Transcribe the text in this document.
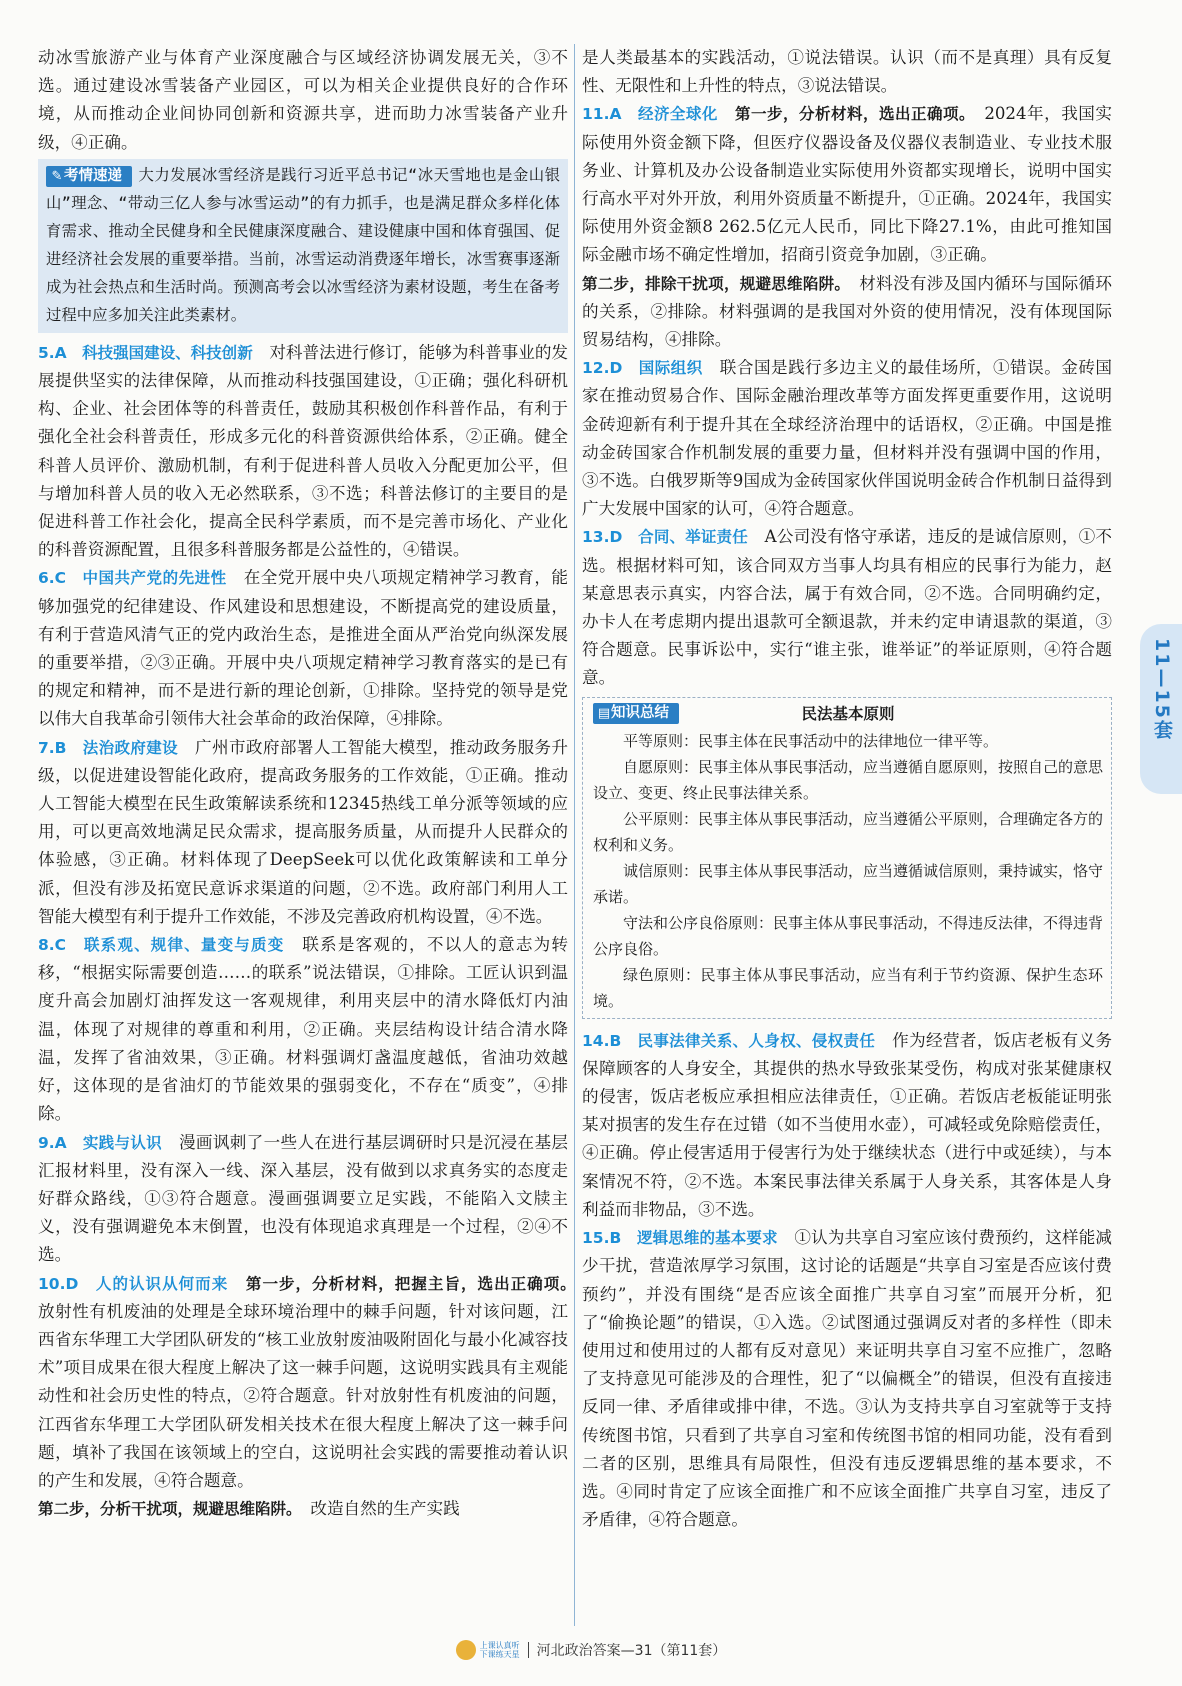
动冰雪旅游产业与体育产业深度融合与区域经济协调发展无关，③不选。通过建设冰雪装备产业园区，可以为相关企业提供良好的合作环境，从而推动企业间协同创新和资源共享，进而助力冰雪装备产业升级，④正确。

✎ 考情速递 大力发展冰雪经济是践行习近平总书记“冰天雪地也是金山银山”理念、“带动三亿人参与冰雪运动”的有力抓手，也是满足群众多样化体育需求、推动全民健身和全民健康深度融合、建设健康中国和体育强国、促进经济社会发展的重要举措。当前，冰雪运动消费逐年增长，冰雪赛事逐渐成为社会热点和生活时尚。预测高考会以冰雪经济为素材设题，考生在备考过程中应多加关注此类素材。

5.A　科技强国建设、科技创新　 对科普法进行修订，能够为科普事业的发展提供坚实的法律保障，从而推动科技强国建设，①正确；强化科研机构、企业、社会团体等的科普责任，鼓励其积极创作科普作品，有利于强化全社会科普责任，形成多元化的科普资源供给体系，②正确。健全科普人员评价、激励机制，有利于促进科普人员收入分配更加公平，但与增加科普人员的收入无必然联系，③不选；科普法修订的主要目的是促进科普工作社会化，提高全民科学素质，而不是完善市场化、产业化的科普资源配置，且很多科普服务都是公益性的，④错误。

6.C　中国共产党的先进性　 在全党开展中央八项规定精神学习教育，能够加强党的纪律建设、作风建设和思想建设，不断提高党的建设质量，有利于营造风清气正的党内政治生态，是推进全面从严治党向纵深发展的重要举措，②③正确。开展中央八项规定精神学习教育落实的是已有的规定和精神，而不是进行新的理论创新，①排除。坚持党的领导是党以伟大自我革命引领伟大社会革命的政治保障，④排除。

7.B　法治政府建设　 广州市政府部署人工智能大模型，推动政务服务升级，以促进建设智能化政府，提高政务服务的工作效能，①正确。推动人工智能大模型在民生政策解读系统和12345热线工单分派等领域的应用，可以更高效地满足民众需求，提高服务质量，从而提升人民群众的体验感，③正确。材料体现了DeepSeek可以优化政策解读和工单分派，但没有涉及拓宽民意诉求渠道的问题，②不选。政府部门利用人工智能大模型有利于提升工作效能，不涉及完善政府机构设置，④不选。

8.C　联系观、规律、量变与质变　 联系是客观的，不以人的意志为转移，“根据实际需要创造……的联系”说法错误，①排除。工匠认识到温度升高会加剧灯油挥发这一客观规律，利用夹层中的清水降低灯内油温，体现了对规律的尊重和利用，②正确。夹层结构设计结合清水降温，发挥了省油效果，③正确。材料强调灯盏温度越低，省油功效越好，这体现的是省油灯的节能效果的强弱变化，不存在“质变”，④排除。

9.A　实践与认识　 漫画讽刺了一些人在进行基层调研时只是沉浸在基层汇报材料里，没有深入一线、深入基层，没有做到以求真务实的态度走好群众路线，①③符合题意。漫画强调要立足实践，不能陷入文牍主义，没有强调避免本末倒置，也没有体现追求真理是一个过程，②④不选。

10.D　人的认识从何而来　 第一步，分析材料，把握主旨，选出正确项。　放射性有机废油的处理是全球环境治理中的棘手问题，针对该问题，江西省东华理工大学团队研发的“核工业放射废油吸附固化与最小化减容技术”项目成果在很大程度上解决了这一棘手问题，这说明实践具有主观能动性和社会历史性的特点，②符合题意。针对放射性有机废油的问题，江西省东华理工大学团队研发相关技术在很大程度上解决了这一棘手问题，填补了我国在该领域上的空白，这说明社会实践的需要推动着认识的产生和发展，④符合题意。
第二步，分析干扰项，规避思维陷阱。　 改造自然的生产实践

是人类最基本的实践活动，①说法错误。认识（而不是真理）具有反复性、无限性和上升性的特点，③说法错误。

11.A　经济全球化　 第一步，分析材料，选出正确项。　 2024年，我国实际使用外资金额下降，但医疗仪器设备及仪器仪表制造业、专业技术服务业、计算机及办公设备制造业实际使用外资都实现增长，说明中国实行高水平对外开放，利用外资质量不断提升，①正确。2024年，我国实际使用外资金额8 262.5亿元人民币，同比下降27.1%，由此可推知国际金融市场不确定性增加，招商引资竞争加剧，③正确。
第二步，排除干扰项，规避思维陷阱。　 材料没有涉及国内循环与国际循环的关系，②排除。材料强调的是我国对外资的使用情况，没有体现国际贸易结构，④排除。

12.D　国际组织　 联合国是践行多边主义的最佳场所，①错误。金砖国家在推动贸易合作、国际金融治理改革等方面发挥更重要作用，这说明金砖迎新有利于提升其在全球经济治理中的话语权，②正确。中国是推动金砖国家合作机制发展的重要力量，但材料并没有强调中国的作用，③不选。白俄罗斯等9国成为金砖国家伙伴国说明金砖合作机制日益得到广大发展中国家的认可，④符合题意。

13.D　合同、举证责任　 A公司没有恪守承诺，违反的是诚信原则，①不选。根据材料可知，该合同双方当事人均具有相应的民事行为能力，赵某意思表示真实，内容合法，属于有效合同，②不选。合同明确约定，办卡人在考虑期内提出退款可全额退款，并未约定申请退款的渠道，③符合题意。民事诉讼中，实行“谁主张，谁举证”的举证原则，④符合题意。

▤知识总结	民法基本原则

平等原则：民事主体在民事活动中的法律地位一律平等。

自愿原则：民事主体从事民事活动，应当遵循自愿原则，按照自己的意思设立、变更、终止民事法律关系。

公平原则：民事主体从事民事活动，应当遵循公平原则，合理确定各方的权利和义务。

诚信原则：民事主体从事民事活动，应当遵循诚信原则，秉持诚实，恪守承诺。

守法和公序良俗原则：民事主体从事民事活动，不得违反法律，不得违背公序良俗。

绿色原则：民事主体从事民事活动，应当有利于节约资源、保护生态环境。

14.B　民事法律关系、人身权、侵权责任　 作为经营者，饭店老板有义务保障顾客的人身安全，其提供的热水导致张某受伤，构成对张某健康权的侵害，饭店老板应承担相应法律责任，①正确。若饭店老板能证明张某对损害的发生存在过错（如不当使用水壶），可减轻或免除赔偿责任，④正确。停止侵害适用于侵害行为处于继续状态（进行中或延续），与本案情况不符，②不选。本案民事法律关系属于人身关系，其客体是人身利益而非物品，③不选。

15.B　逻辑思维的基本要求　 ①认为共享自习室应该付费预约，这样能减少干扰，营造浓厚学习氛围，这讨论的话题是“共享自习室是否应该付费预约”，并没有围绕“是否应该全面推广共享自习室”而展开分析，犯了“偷换论题”的错误，①入选。②试图通过强调反对者的多样性（即未使用过和使用过的人都有反对意见）来证明共享自习室不应推广，忽略了支持意见可能涉及的合理性，犯了“以偏概全”的错误，但没有直接违反同一律、矛盾律或排中律，不选。③认为支持共享自习室就等于支持传统图书馆，只看到了共享自习室和传统图书馆的相同功能，没有看到二者的区别，思维具有局限性，但没有违反逻辑思维的基本要求，不选。④同时肯定了应该全面推广和不应该全面推广共享自习室，违反了矛盾律，④符合题意。

11—15套
上课认真听
下课练天星 河北政治答案—31（第11套）
